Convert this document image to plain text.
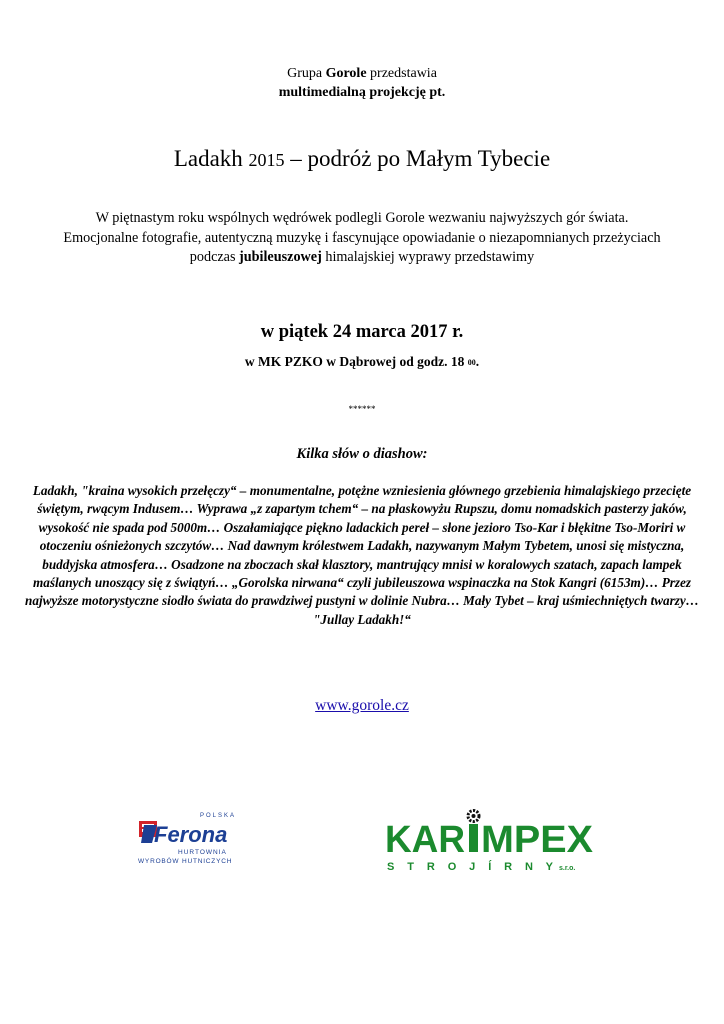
Grupa Gorole przedstawia
multimedialną projekcję pt.
Ladakh 2015 – podróż po Małym Tybecie
W piętnastym roku wspólnych wędrówek podlegli Gorole wezwaniu najwyższych gór świata. Emocjonalne fotografie, autentyczną muzykę i fascynujące opowiadanie o niezapomnianych przeżyciach podczas jubileuszowej himalajskiej wyprawy przedstawimy
w piątek 24 marca 2017 r.
w MK PZKO w Dąbrowej od godz. 18 $^{00}$.
******
Kilka słów o diashow:
Ladakh, "kraina wysokich przełęczy“ – monumentalne, potężne wzniesienia głównego grzebienia himalajskiego przecięte świętym, rwącym Indusem… Wyprawa „z zapartym tchem“ – na płaskowyżu Rupszu, domu nomadskich pasterzy jaków, wysokość nie spada pod 5000m… Oszałamiające piękno ladackich pereł – słone jezioro Tso-Kar i błękitne Tso-Moriri w otoczeniu ośnieżonych szczytów… Nad dawnym królestwem Ladakh, nazywanym Małym Tybetem, unosi się mistyczna, buddyjska atmosfera… Osadzone na zboczach skał klasztory, mantrujący mnisi w koralowych szatach, zapach lampek maślanych unoszący się z świątyń… „Gorolska nirwana“ czyli jubileuszowa wspinaczka na Stok Kangri (6153m)… Przez najwyższe motorystyczne siodło świata do prawdziwej pustyni w dolinie Nubra… Mały Tybet – kraj uśmiechniętych twarzy…
"Jullay Ladakh!“
www.gorole.cz
POLSKA
Ferona
HURTOWNIA
WYROBÓW HUTNICZYCH
KAR MPEX
S T R O J Í R N Y s.r.o.
